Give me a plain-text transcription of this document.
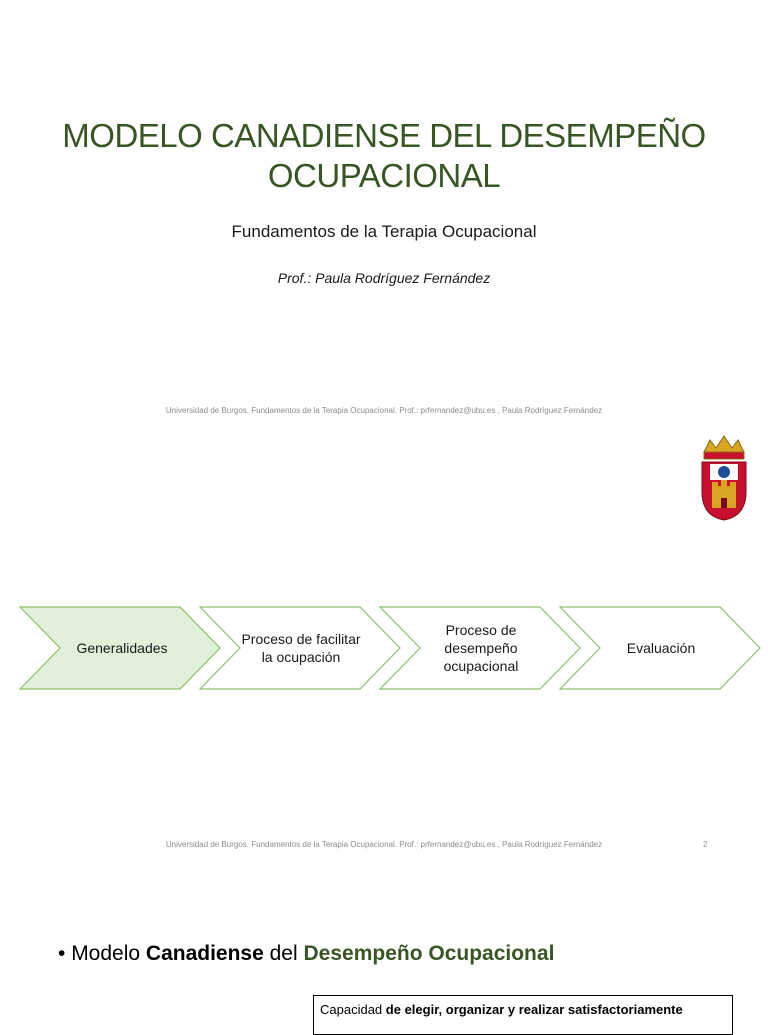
MODELO CANADIENSE DEL DESEMPEÑO
OCUPACIONAL
Fundamentos de la Terapia Ocupacional
Prof.: Paula Rodríguez Fernández
Universidad de Burgos. Fundamentos de la Terapia Ocupacional. Prof.: prfernandez@ubu.es , Paula Rodríguez Fernández
Generalidades
Proceso de facilitar la ocupación
Proceso de desempeño ocupacional
Evaluación
Universidad de Burgos. Fundamentos de la Terapia Ocupacional. Prof.: prfernandez@ubu.es , Paula Rodríguez Fernández	2
• Modelo Canadiense del Desempeño Ocupacional
Capacidad de elegir, organizar y realizar satisfactoriamente
